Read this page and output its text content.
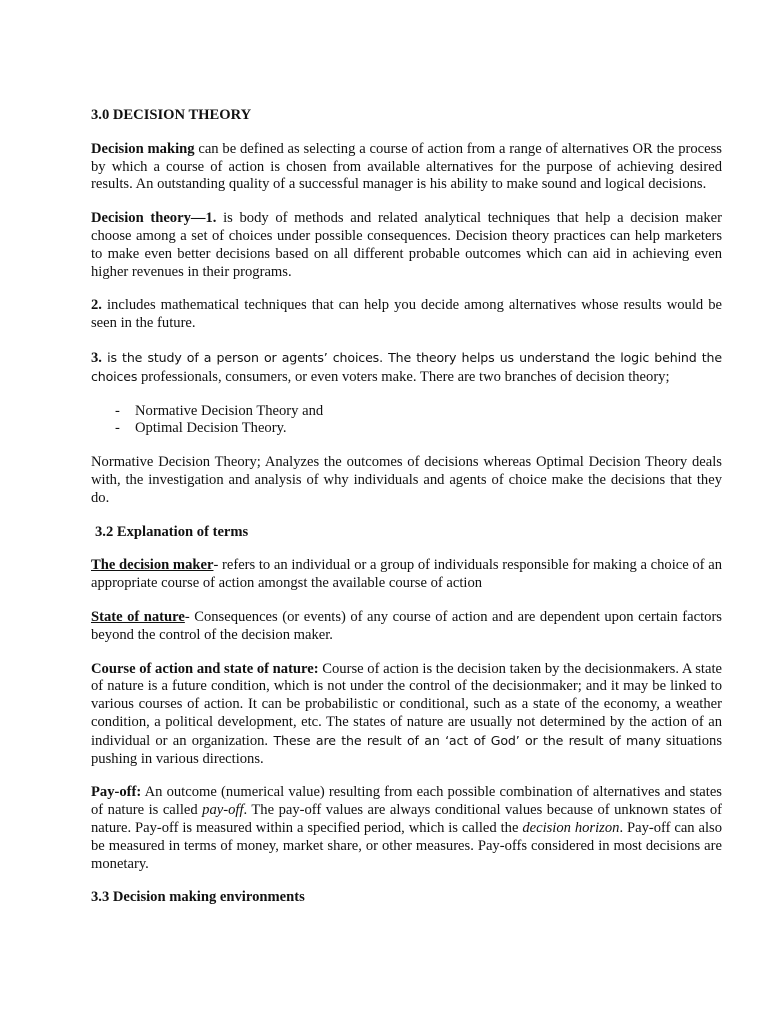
3.0 DECISION THEORY

Decision making can be defined as selecting a course of action from a range of alternatives OR the process by which a course of action is chosen from available alternatives for the purpose of achieving desired results. An outstanding quality of a successful manager is his ability to make sound and logical decisions.

Decision theory—1. is body of methods and related analytical techniques that help a decision maker choose among a set of choices under possible consequences. Decision theory practices can help marketers to make even better decisions based on all different probable outcomes which can aid in achieving even higher revenues in their programs.

2. includes mathematical techniques that can help you decide among alternatives whose results would be seen in the future.

3. is the study of a person or agents’ choices. The theory helps us understand the logic behind the choices professionals, consumers, or even voters make. There are two branches of decision theory;

- Normative Decision Theory and
- Optimal Decision Theory.

Normative Decision Theory; Analyzes the outcomes of decisions whereas Optimal Decision Theory deals with, the investigation and analysis of why individuals and agents of choice make the decisions that they do.

3.2 Explanation of terms

The decision maker- refers to an individual or a group of individuals responsible for making a choice of an appropriate course of action amongst the available course of action

State of nature- Consequences (or events) of any course of action and are dependent upon certain factors beyond the control of the decision maker.

Course of action and state of nature: Course of action is the decision taken by the decisionmakers. A state of nature is a future condition, which is not under the control of the decisionmaker; and it may be linked to various courses of action. It can be probabilistic or conditional, such as a state of the economy, a weather condition, a political development, etc. The states of nature are usually not determined by the action of an individual or an organization. These are the result of an ‘act of God’ or the result of many situations pushing in various directions.

Pay-off: An outcome (numerical value) resulting from each possible combination of alternatives and states of nature is called pay-off. The pay-off values are always conditional values because of unknown states of nature. Pay-off is measured within a specified period, which is called the decision horizon. Pay-off can also be measured in terms of money, market share, or other measures. Pay-offs considered in most decisions are monetary.

3.3 Decision making environments
